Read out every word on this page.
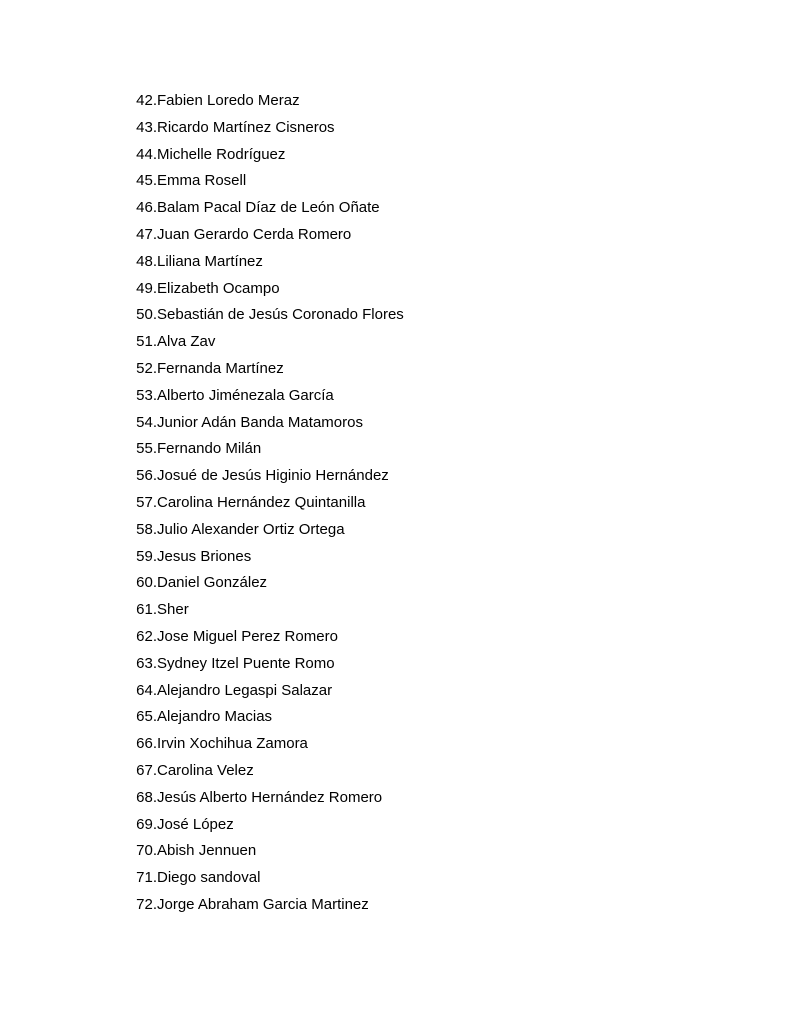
42. Fabien Loredo Meraz
43. Ricardo Martínez Cisneros
44. Michelle Rodríguez
45. Emma Rosell
46. Balam Pacal Díaz de León Oñate
47. Juan Gerardo Cerda Romero
48. Liliana Martínez
49. Elizabeth Ocampo
50. Sebastián de Jesús Coronado Flores
51. Alva Zav
52. Fernanda Martínez
53. Alberto Jiménezala García
54. Junior Adán Banda Matamoros
55. Fernando Milán
56. Josué de Jesús Higinio Hernández
57. Carolina Hernández Quintanilla
58. Julio Alexander Ortiz Ortega
59. Jesus Briones
60. Daniel González
61. Sher
62. Jose Miguel Perez Romero
63. Sydney Itzel Puente Romo
64. Alejandro Legaspi Salazar
65. Alejandro Macias
66. Irvin Xochihua Zamora
67. Carolina Velez
68. Jesús Alberto Hernández Romero
69. José López
70. Abish Jennuen
71. Diego sandoval
72. Jorge Abraham Garcia Martinez
